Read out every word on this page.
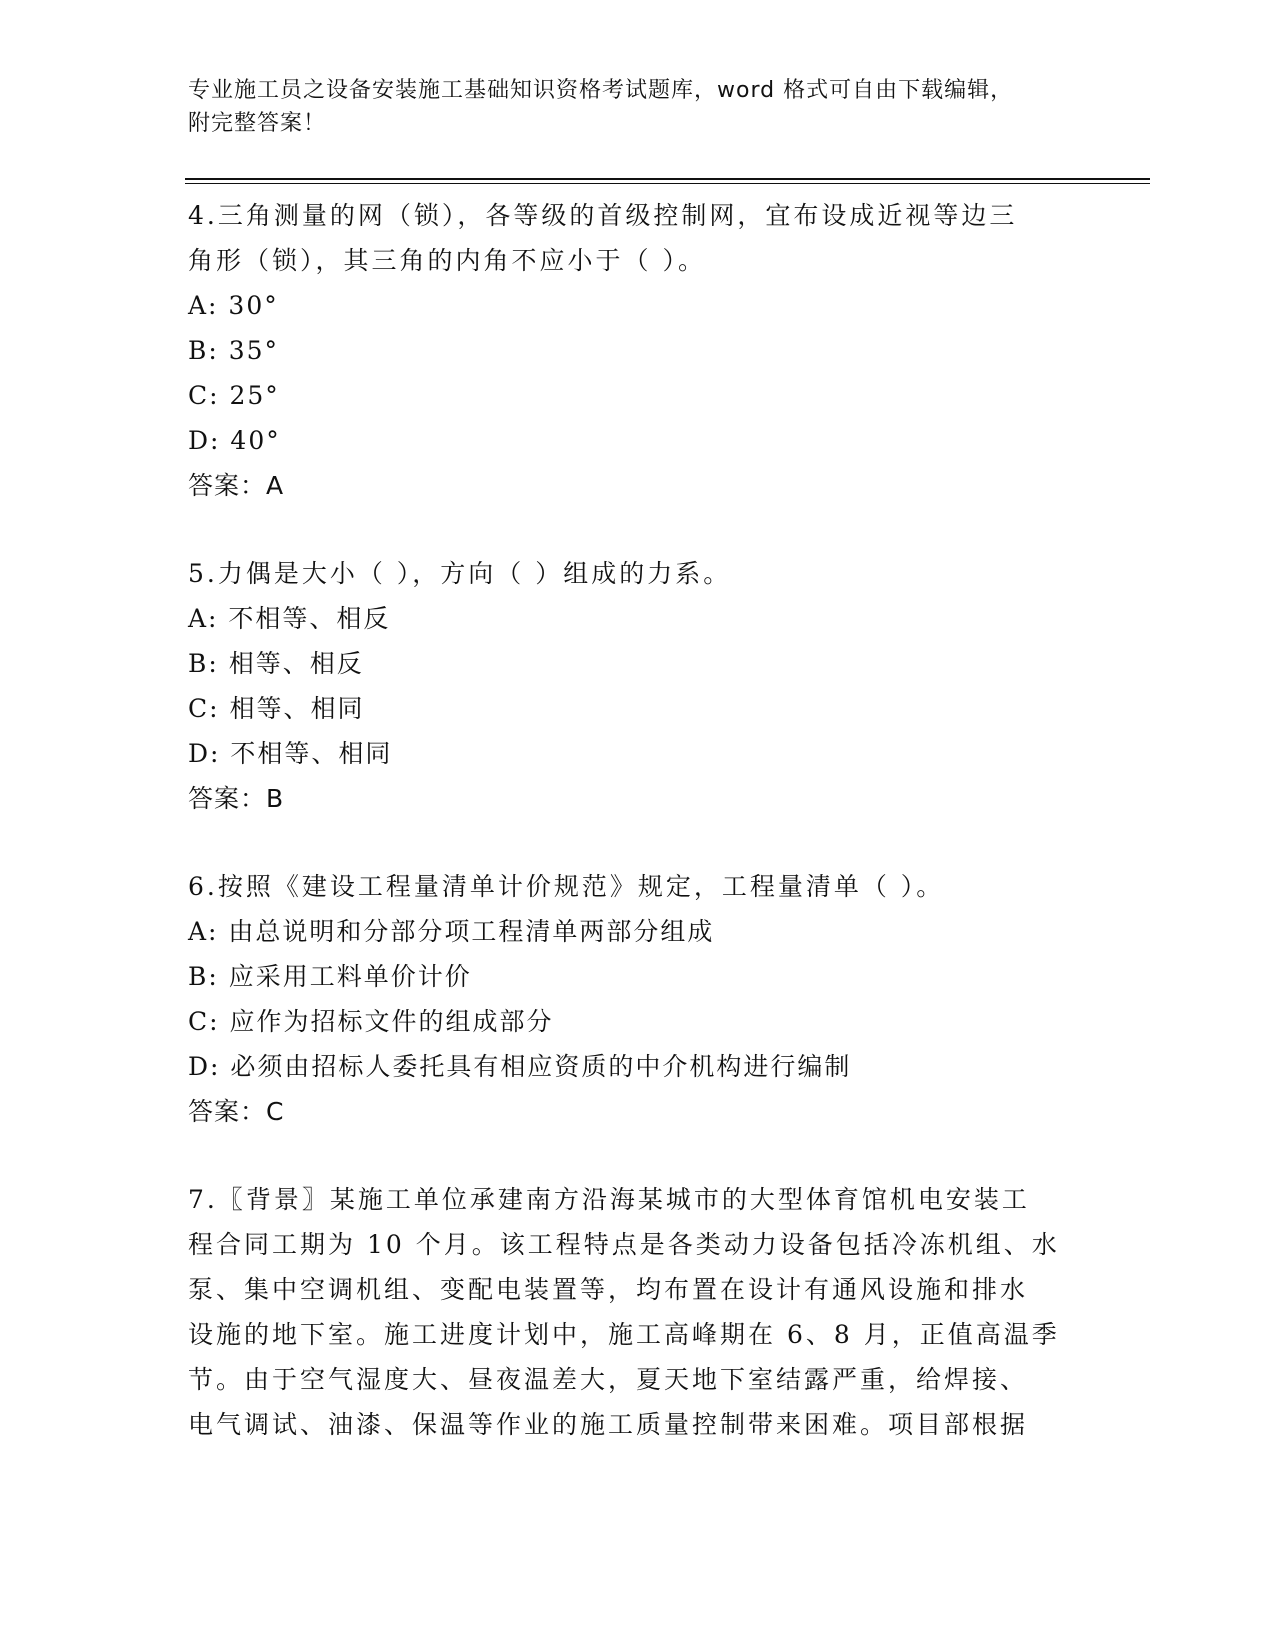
专业施工员之设备安装施工基础知识资格考试题库，word 格式可自由下载编辑，
附完整答案！

4.三角测量的网（锁），各等级的首级控制网，宜布设成近视等边三

角形（锁），其三角的内角不应小于（ ）。

A: 30°

B: 35°

C: 25°

D: 40°

答案：A

5.力偶是大小（ ），方向（ ）组成的力系。

A: 不相等、相反

B: 相等、相反

C: 相等、相同

D: 不相等、相同

答案：B

6.按照《建设工程量清单计价规范》规定，工程量清单（ ）。

A: 由总说明和分部分项工程清单两部分组成

B: 应采用工料单价计价

C: 应作为招标文件的组成部分

D: 必须由招标人委托具有相应资质的中介机构进行编制

答案：C

7.〖背景〗某施工单位承建南方沿海某城市的大型体育馆机电安装工

程合同工期为 10 个月。该工程特点是各类动力设备包括冷冻机组、水

泵、集中空调机组、变配电装置等，均布置在设计有通风设施和排水

设施的地下室。施工进度计划中，施工高峰期在 6、8 月，正值高温季

节。由于空气湿度大、昼夜温差大，夏天地下室结露严重，给焊接、

电气调试、油漆、保温等作业的施工质量控制带来困难。项目部根据
